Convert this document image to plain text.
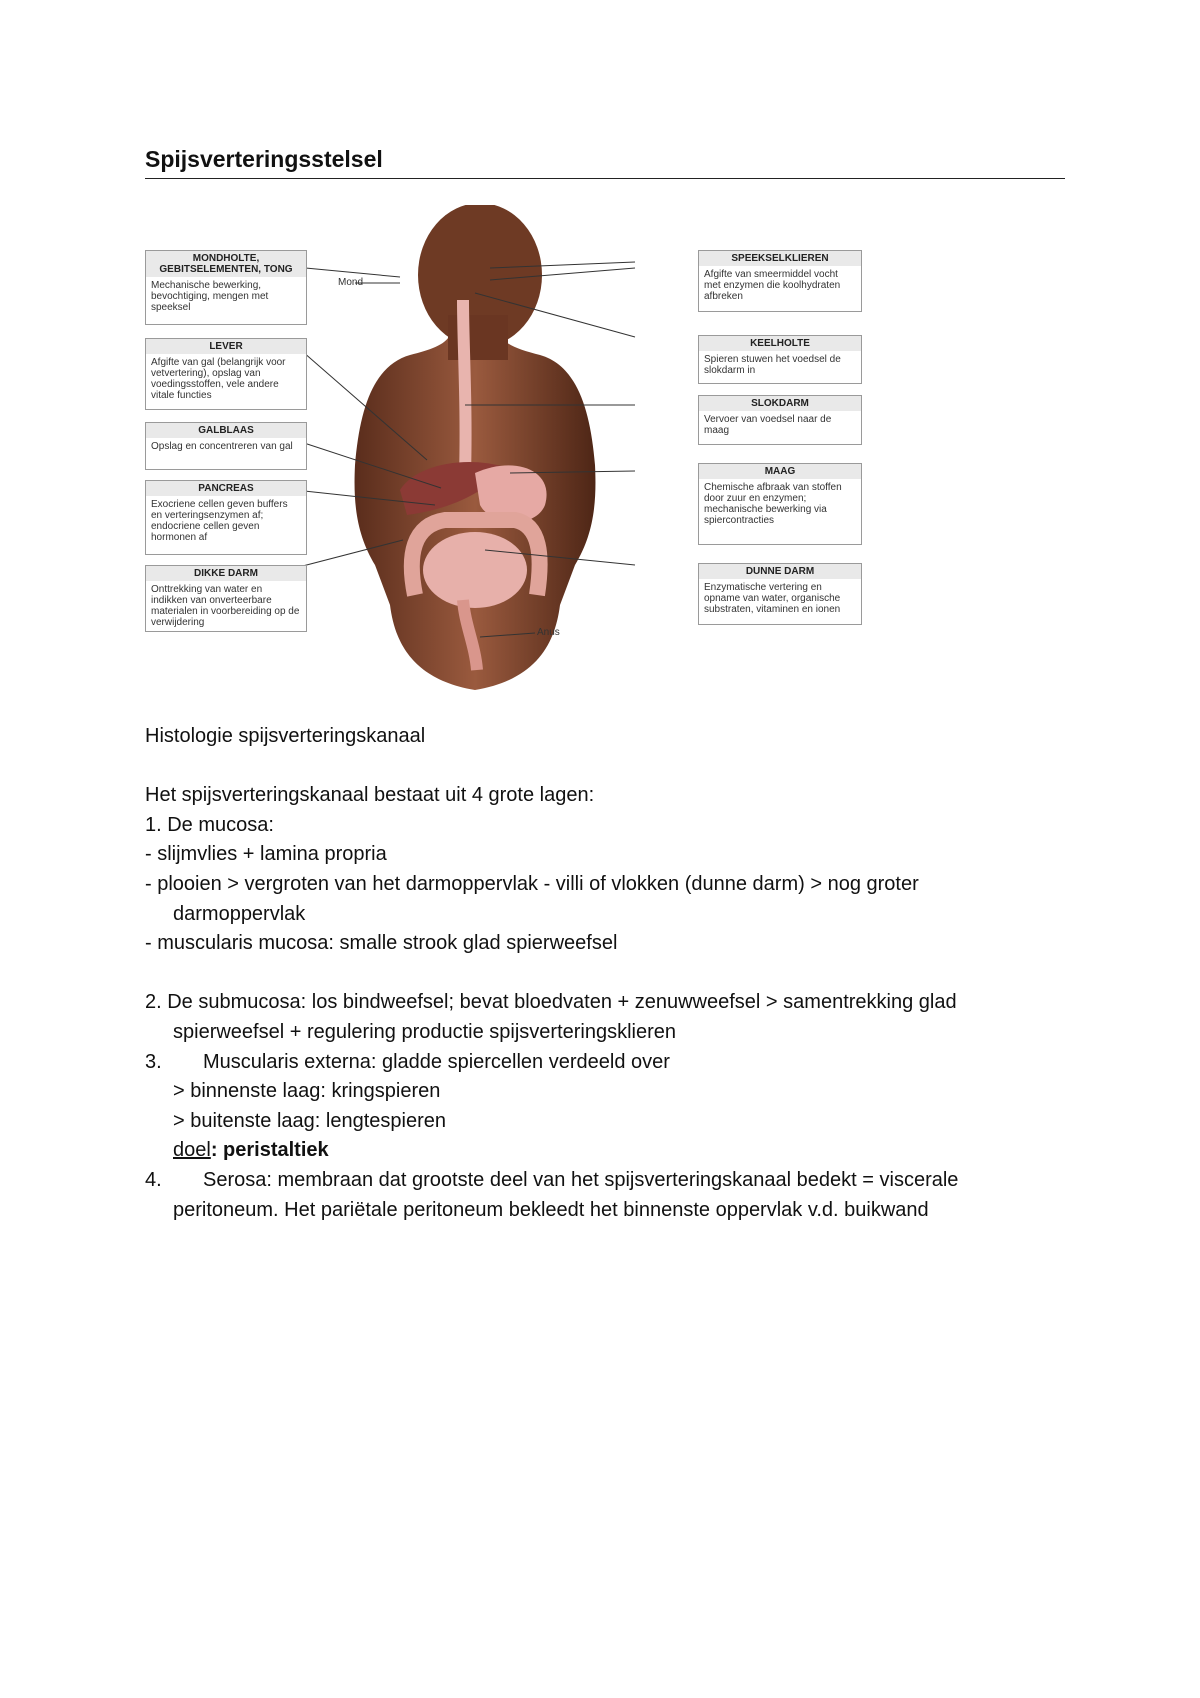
Spijsverteringsstelsel
Mond
Anus
MONDHOLTE,
GEBITSELEMENTEN, TONG
Mechanische bewerking, bevochtiging, mengen met speeksel
LEVER
Afgifte van gal (belangrijk voor vetvertering), opslag van voedingsstoffen, vele andere vitale functies
GALBLAAS
Opslag en concentreren van gal
PANCREAS
Exocriene cellen geven buffers en verteringsenzymen af; endocriene cellen geven hormonen af
DIKKE DARM
Onttrekking van water en indikken van onverteerbare materialen in voorbereiding op de verwijdering
SPEEKSELKLIEREN
Afgifte van smeermiddel vocht met enzymen die koolhydraten afbreken
KEELHOLTE
Spieren stuwen het voedsel de slokdarm in
SLOKDARM
Vervoer van voedsel naar de maag
MAAG
Chemische afbraak van stoffen door zuur en enzymen; mechanische bewerking via spiercontracties
DUNNE DARM
Enzymatische vertering en opname van water, organische substraten, vitaminen en ionen

Histologie spijsverteringskanaal

Het spijsverteringskanaal bestaat uit 4 grote lagen:

1. De mucosa:

- slijmvlies + lamina propria

- plooien > vergroten van het darmoppervlak - villi of vlokken (dunne darm) > nog groter

darmoppervlak

- muscularis mucosa: smalle strook glad spierweefsel

2. De submucosa: los bindweefsel; bevat bloedvaten + zenuwweefsel > samentrekking glad

spierweefsel + regulering productie spijsverteringsklieren

3. Muscularis externa: gladde spiercellen verdeeld over

> binnenste laag: kringspieren

> buitenste laag: lengtespieren

doel: peristaltiek

4. Serosa: membraan dat grootste deel van het spijsverteringskanaal bedekt = viscerale

peritoneum. Het pariëtale peritoneum bekleedt het binnenste oppervlak v.d. buikwand
